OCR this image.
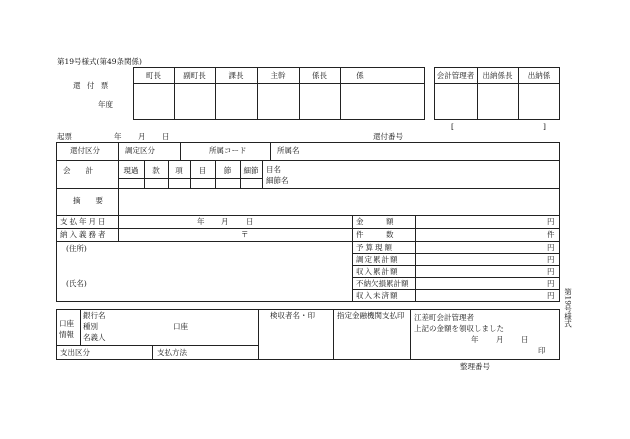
第19号様式(第49条関係)
還 付 票
年度
町長	副町長	課長	主幹	係長	係	会計管理者	出納係長	出納係
[	]
起票	年 月 日	還付番号
還付区分	調定区分	所属コード	所属名
会　　計	現過	款	項	目	節	細節	目名
細節名
摘　　要
支払年月日	年 月 日	金　　　額	円
納入義務者	〒	件　　　数	件
(住所)
(氏名)
予算現額	円
調定累計額	円
収入累計額	円
不納欠損累計額	円
収入未済額	円 第19号様式
口座情報
銀行名
種別	口座
名義人
検収者名・印	指定金融機関支払印 江差町会計管理者
上記の金額を領収しました
年 月 日
印
支出区分	支払方法
整理番号
